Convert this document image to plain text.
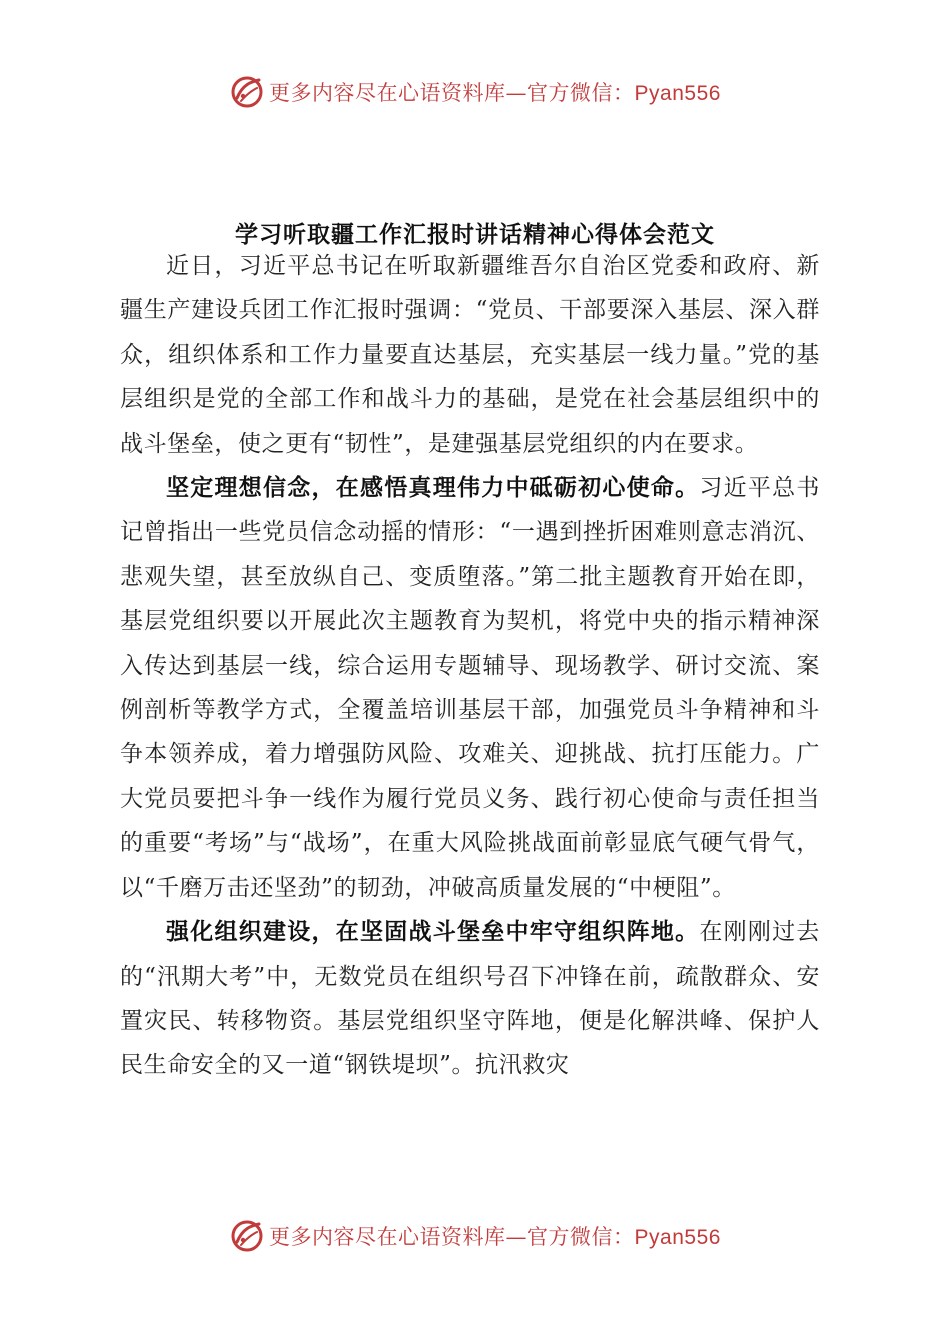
更多内容尽在心语资料库—官方微信：Pyan556
学习听取疆工作汇报时讲话精神心得体会范文

近日，习近平总书记在听取新疆维吾尔自治区党委和政府、新疆生产建设兵团工作汇报时强调：“党员、干部要深入基层、深入群众，组织体系和工作力量要直达基层，充实基层一线力量。”党的基层组织是党的全部工作和战斗力的基础，是党在社会基层组织中的战斗堡垒，使之更有“韧性”，是建强基层党组织的内在要求。

坚定理想信念，在感悟真理伟力中砥砺初心使命。习近平总书记曾指出一些党员信念动摇的情形：“一遇到挫折困难则意志消沉、悲观失望，甚至放纵自己、变质堕落。”第二批主题教育开始在即，基层党组织要以开展此次主题教育为契机，将党中央的指示精神深入传达到基层一线，综合运用专题辅导、现场教学、研讨交流、案例剖析等教学方式，全覆盖培训基层干部，加强党员斗争精神和斗争本领养成，着力增强防风险、攻难关、迎挑战、抗打压能力。广大党员要把斗争一线作为履行党员义务、践行初心使命与责任担当的重要“考场”与“战场”，在重大风险挑战面前彰显底气硬气骨气，以“千磨万击还坚劲”的韧劲，冲破高质量发展的“中梗阻”。

强化组织建设，在坚固战斗堡垒中牢守组织阵地。在刚刚过去的“汛期大考”中，无数党员在组织号召下冲锋在前，疏散群众、安置灾民、转移物资。基层党组织坚守阵地，便是化解洪峰、保护人民生命安全的又一道“钢铁堤坝”。抗汛救灾

更多内容尽在心语资料库—官方微信：Pyan556
